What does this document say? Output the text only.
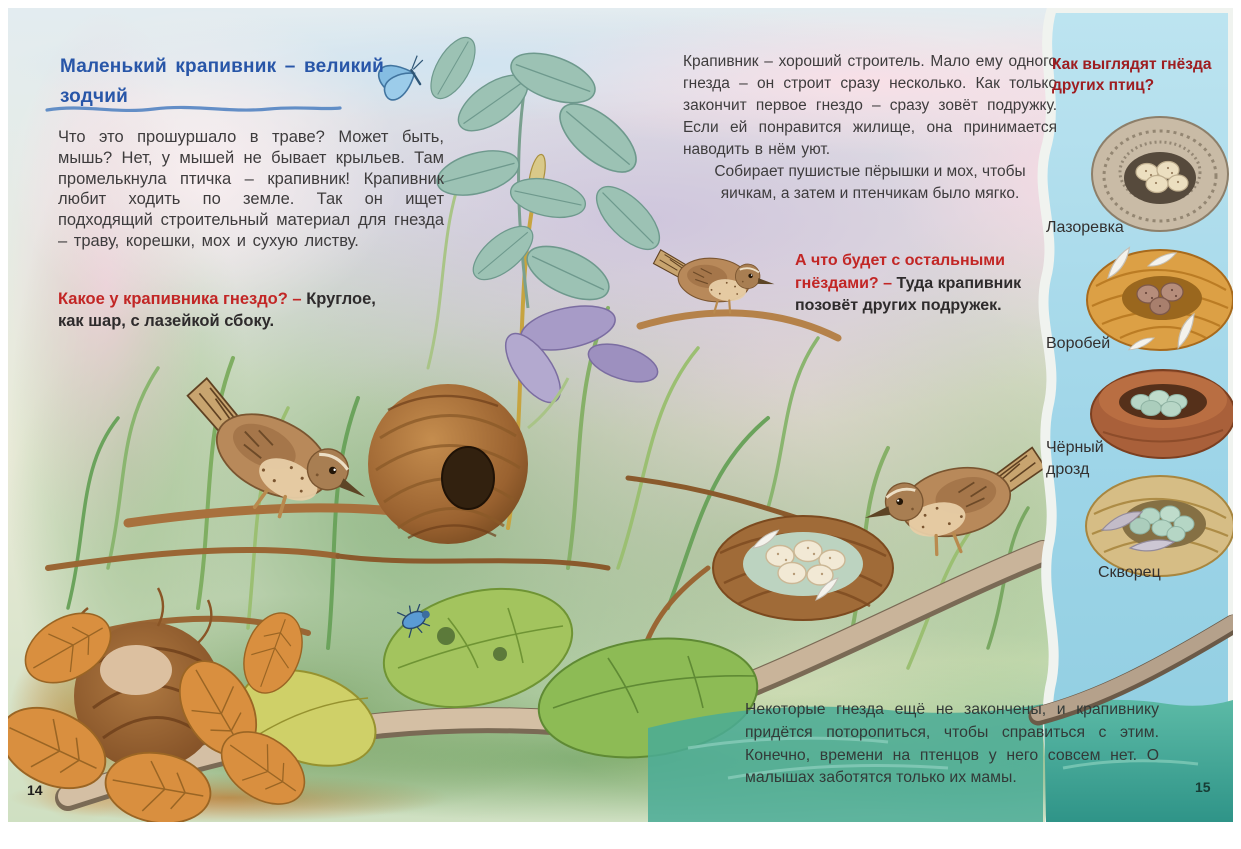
Маленький крапивник – великий зодчий
Что это прошуршало в траве? Может быть, мышь? Нет, у мышей не бывает крыльев. Там промелькнула птичка – крапивник! Крапивник любит ходить по земле. Так он ищет подходящий строительный материал для гнезда – траву, корешки, мох и сухую листву.
Какое у крапивника гнездо? – Круглое, как шар, с лазейкой сбоку.
Крапивник – хороший строитель. Мало ему одного гнезда – он строит сразу несколько. Как только закончит первое гнездо – сразу зовёт подружку. Если ей понравится жилище, она принимается наводить в нём уют.
Собирает пушистые пёрышки и мох, чтобы яичкам, а затем и птенчикам было мягко.
А что будет с остальными гнёздами? – Туда крапивник позовёт других подружек.
Некоторые гнезда ещё не закончены, и крапивнику придётся поторопиться, чтобы справиться с этим. Конечно, времени на птенцов у него совсем нет. О малышах заботятся только их мамы.
Как выглядят гнёзда других птиц?
Лазоревка
Воробей
Чёрный дрозд
Скворец
14	15
